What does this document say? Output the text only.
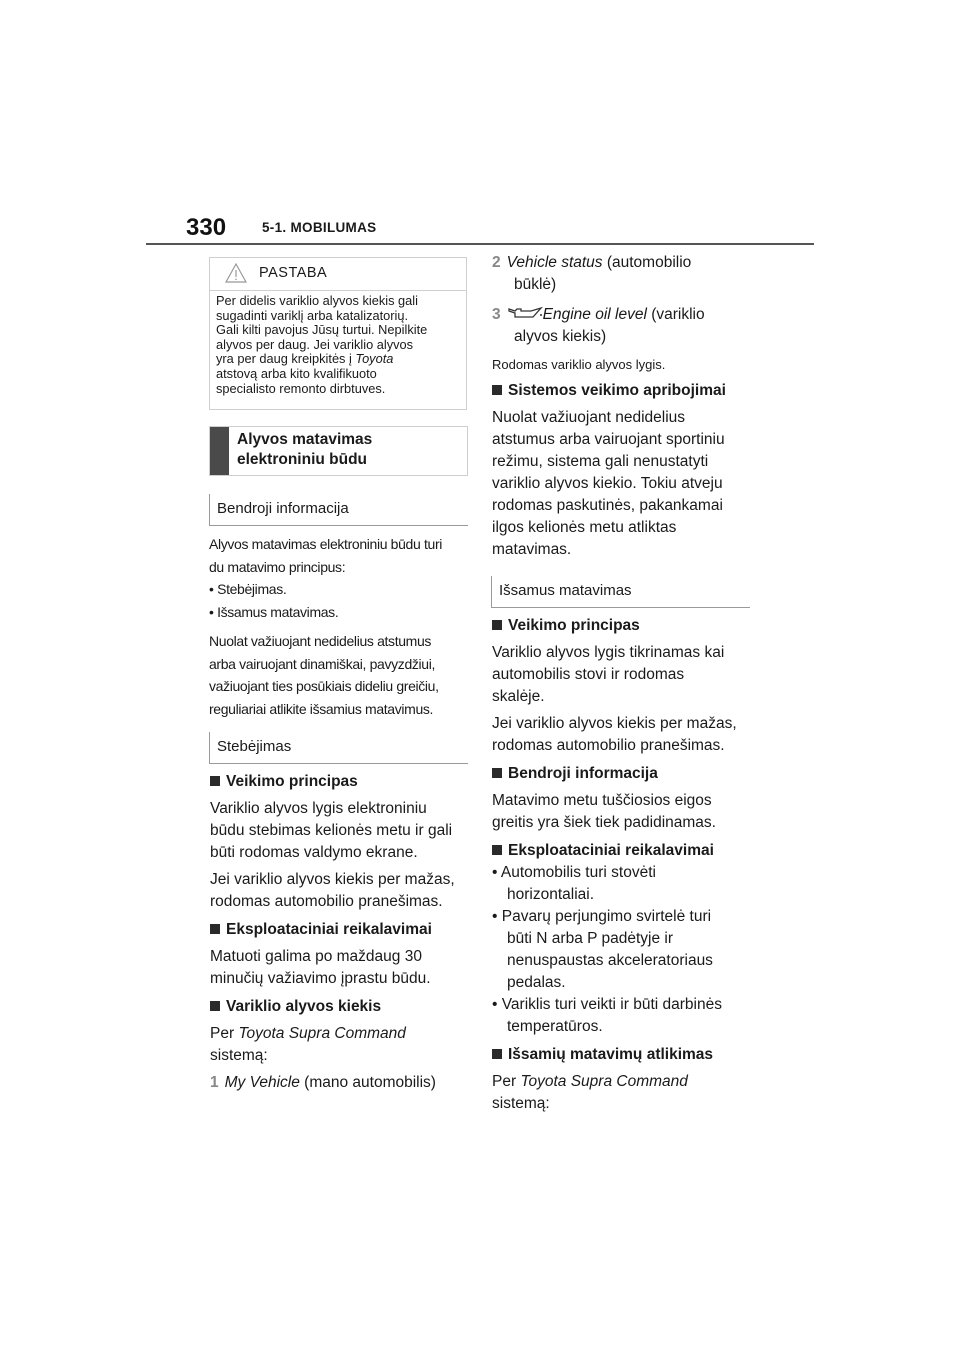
330	5-1. MOBILUMAS
PASTABA
Per didelis variklio alyvos kiekis gali
sugadinti variklį arba katalizatorių.
Gali kilti pavojus Jūsų turtui. Nepilkite
alyvos per daug. Jei variklio alyvos
yra per daug kreipkitės į Toyota
atstovą arba kito kvalifikuoto
specialisto remonto dirbtuves.
Alyvos matavimas
elektroniniu būdu
Bendroji informacija
Alyvos matavimas elektroniniu būdu turi
du matavimo principus:
• Stebėjimas.
• Išsamus matavimas.
Nuolat važiuojant nedidelius atstumus
arba vairuojant dinamiškai, pavyzdžiui,
važiuojant ties posūkiais dideliu greičiu,
reguliariai atlikite išsamius matavimus.
Stebėjimas

Veikimo principas

Variklio alyvos lygis elektroniniu

būdu stebimas kelionės metu ir gali

būti rodomas valdymo ekrane.

Jei variklio alyvos kiekis per mažas,

rodomas automobilio pranešimas.

Eksploataciniai reikalavimai

Matuoti galima po maždaug 30

minučių važiavimo įprastu būdu.

Variklio alyvos kiekis

Per Toyota Supra Command

sistemą:

1 My Vehicle (mano automobilis)

2 Vehicle status (automobilio

būklė)

3	Engine oil level (variklio

alyvos kiekis)

Rodomas variklio alyvos lygis.

Sistemos veikimo apribojimai

Nuolat važiuojant nedidelius

atstumus arba vairuojant sportiniu

režimu, sistema gali nenustatyti

variklio alyvos kiekio. Tokiu atveju

rodomas paskutinės, pakankamai

ilgos kelionės metu atliktas

matavimas.

Išsamus matavimas

Veikimo principas

Variklio alyvos lygis tikrinamas kai

automobilis stovi ir rodomas

skalėje.

Jei variklio alyvos kiekis per mažas,

rodomas automobilio pranešimas.

Bendroji informacija

Matavimo metu tuščiosios eigos

greitis yra šiek tiek padidinamas.

Eksploataciniai reikalavimai

• Automobilis turi stovėti

horizontaliai.

• Pavarų perjungimo svirtelė turi

būti N arba P padėtyje ir

nenuspaustas akceleratoriaus

pedalas.

• Variklis turi veikti ir būti darbinės

temperatūros.

Išsamių matavimų atlikimas

Per Toyota Supra Command

sistemą:
